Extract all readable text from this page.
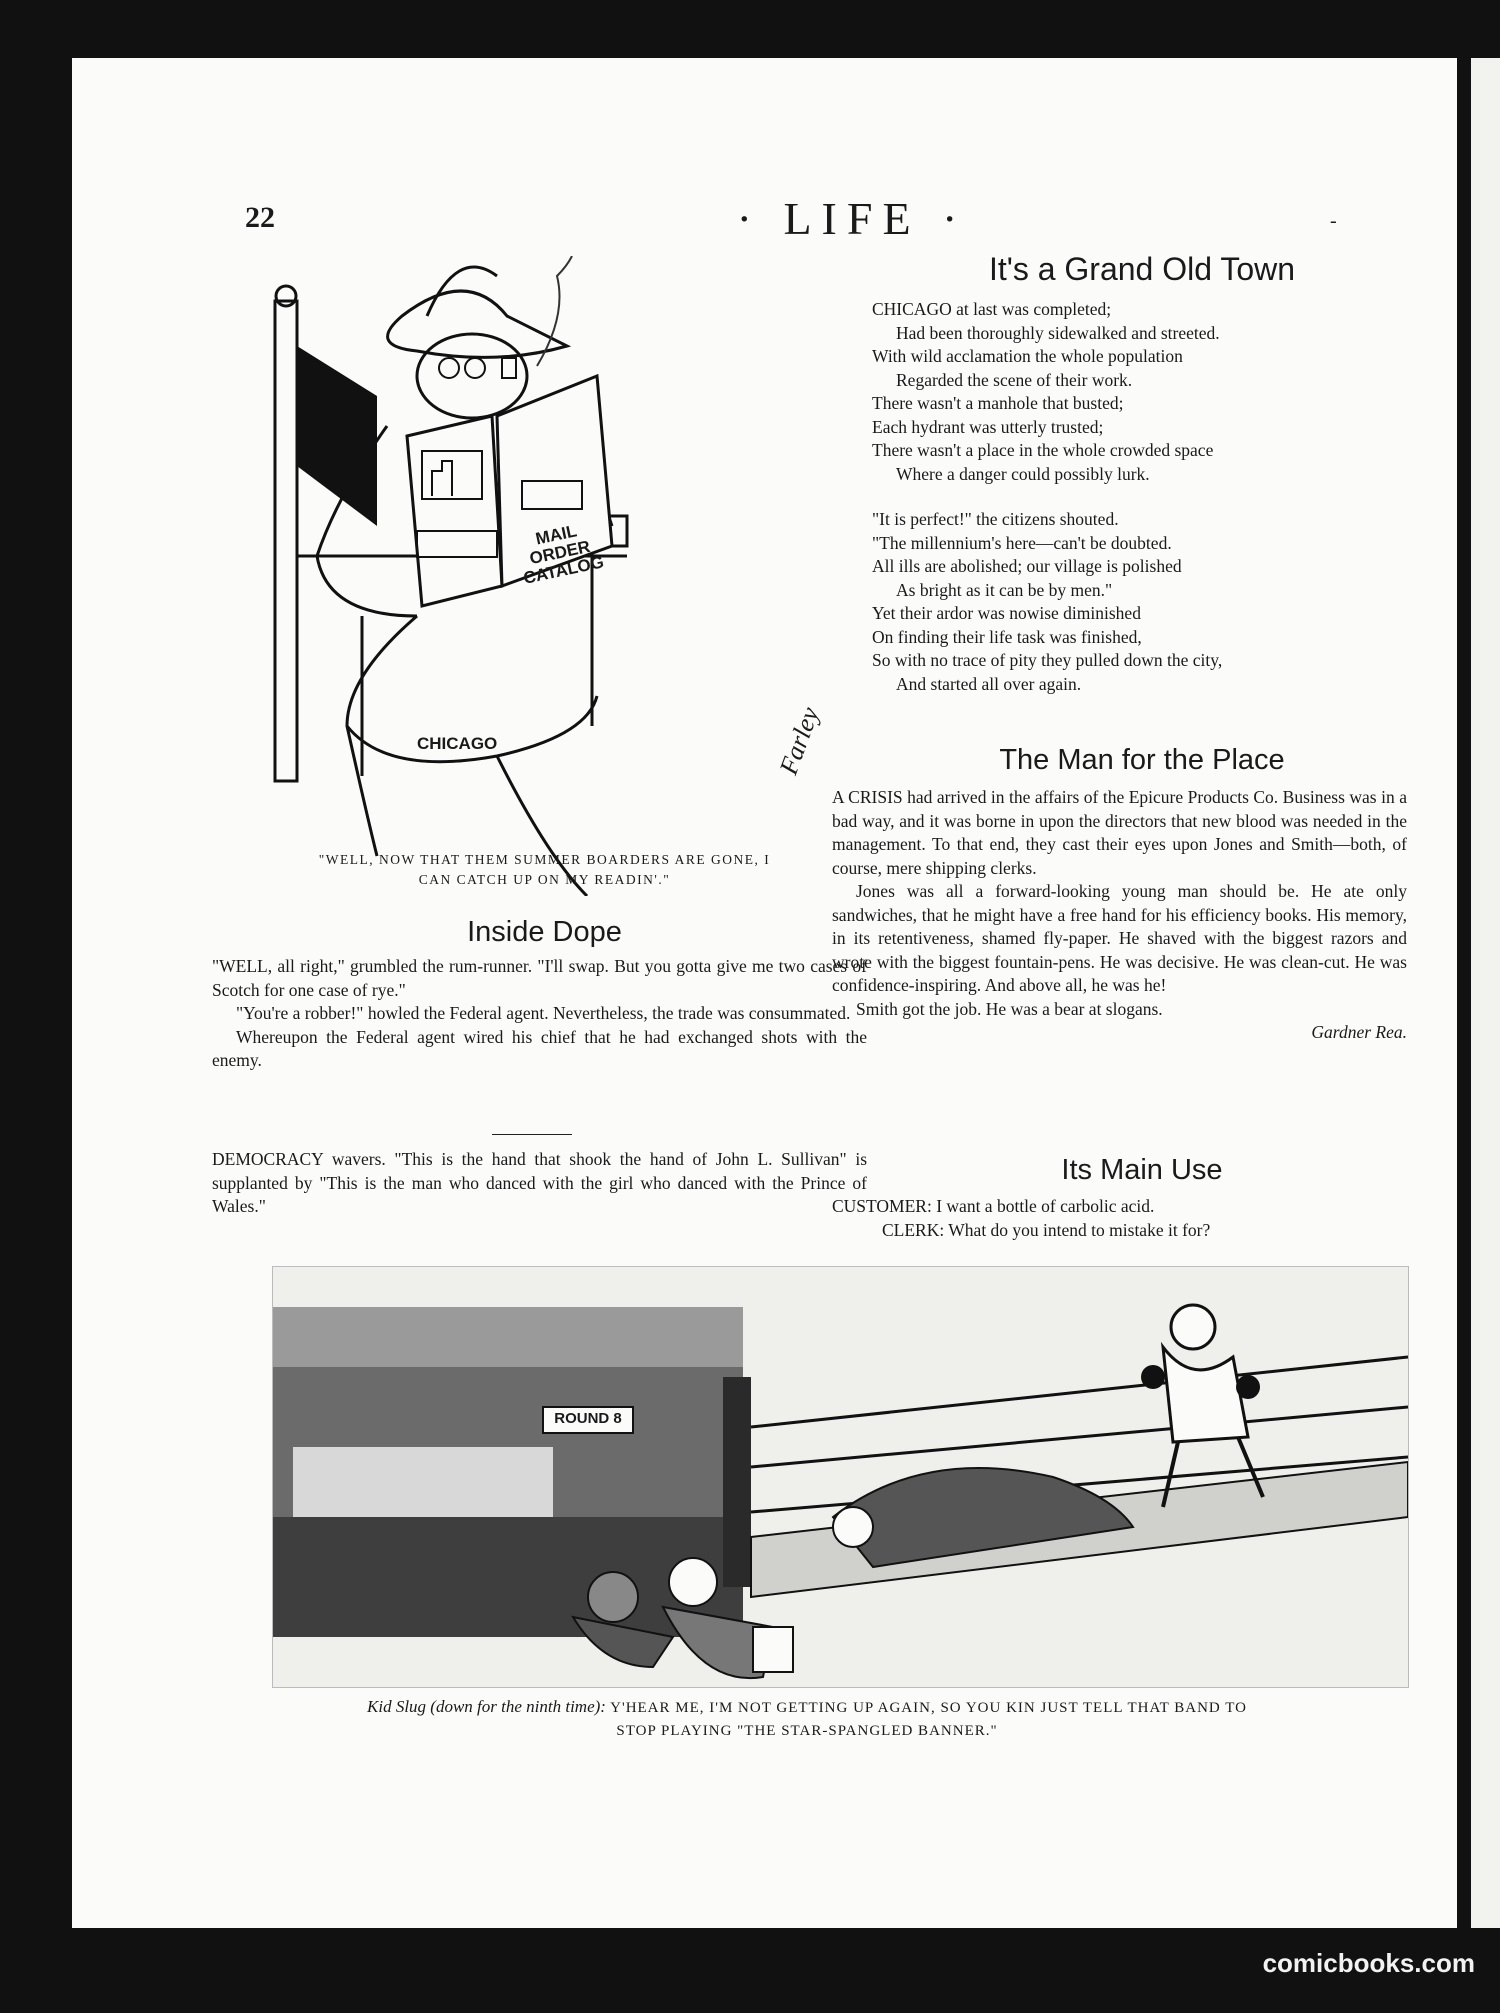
22	· LIFE ·	-
MAIL ORDER CATALOG
CHICAGO	Farley
"WELL, NOW THAT THEM SUMMER BOARDERS ARE GONE, I
CAN CATCH UP ON MY READIN'."
It's a Grand Old Town
CHICAGO at last was completed;
Had been thoroughly sidewalked and streeted.
With wild acclamation the whole population
Regarded the scene of their work.
There wasn't a manhole that busted;
Each hydrant was utterly trusted;
There wasn't a place in the whole crowded space
Where a danger could possibly lurk.
"It is perfect!" the citizens shouted.
"The millennium's here—can't be doubted.
All ills are abolished; our village is polished
As bright as it can be by men."
Yet their ardor was nowise diminished
On finding their life task was finished,
So with no trace of pity they pulled down the city,
And started all over again.
The Man for the Place

A CRISIS had arrived in the affairs of the Epicure Products Co. Business was in a bad way, and it was borne in upon the directors that new blood was needed in the management. To that end, they cast their eyes upon Jones and Smith—both, of course, mere shipping clerks.

Jones was all a forward-looking young man should be. He ate only sandwiches, that he might have a free hand for his efficiency books. His memory, in its retentiveness, shamed fly-paper. He shaved with the biggest razors and wrote with the biggest fountain-pens. He was decisive. He was clean-cut. He was confidence-inspiring. And above all, he was he!

Smith got the job. He was a bear at slogans.

Gardner Rea.

Inside Dope

"WELL, all right," grumbled the rum-runner. "I'll swap. But you gotta give me two cases of Scotch for one case of rye."

"You're a robber!" howled the Federal agent. Nevertheless, the trade was consummated.

Whereupon the Federal agent wired his chief that he had exchanged shots with the enemy.

DEMOCRACY wavers. "This is the hand that shook the hand of John L. Sullivan" is supplanted by "This is the man who danced with the girl who danced with the Prince of Wales."
Its Main Use
CUSTOMER: I want a bottle of carbolic acid.
CLERK: What do you intend to mistake it for?
ROUND 8
Kid Slug (down for the ninth time): Y'HEAR ME, I'M NOT GETTING UP AGAIN, SO YOU KIN JUST TELL THAT BAND TO
STOP PLAYING "THE STAR-SPANGLED BANNER."
comicbooks.com
